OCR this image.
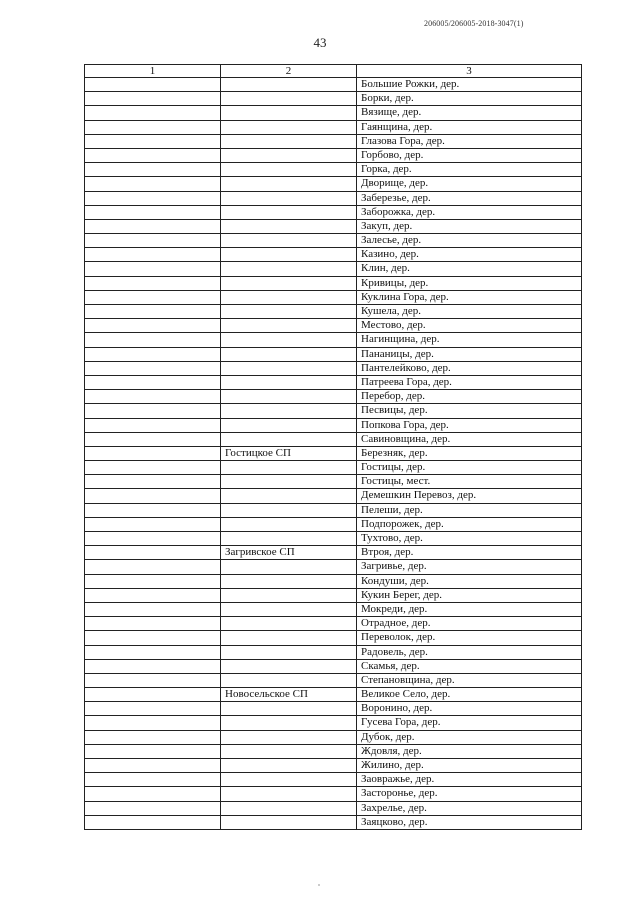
206005/206005-2018-3047(1)
43
1	2	3
		Большие Рожки, дер.
		Борки, дер.
		Вязище, дер.
		Гаянщина, дер.
		Глазова Гора, дер.
		Горбово, дер.
		Горка, дер.
		Дворище, дер.
		Заберезье, дер.
		Заборожка, дер.
		Закуп, дер.
		Залесье, дер.
		Казино, дер.
		Клин, дер.
		Кривицы, дер.
		Куклина Гора, дер.
		Кушела, дер.
		Местово, дер.
		Нагинщина, дер.
		Пананицы, дер.
		Пантелейково, дер.
		Патреева Гора, дер.
		Перебор, дер.
		Песвицы, дер.
		Попкова Гора, дер.
		Савиновщина, дер.
	Гостицкое СП	Березняк, дер.
		Гостицы, дер.
		Гостицы, мест.
		Демешкин Перевоз, дер.
		Пелеши, дер.
		Подпорожек, дер.
		Тухтово, дер.
	Загривское СП	Втроя, дер.
		Загривье, дер.
		Кондуши, дер.
		Кукин Берег, дер.
		Мокреди, дер.
		Отрадное, дер.
		Переволок, дер.
		Радовель, дер.
		Скамья, дер.
		Степановщина, дер.
	Новосельское СП	Великое Село, дер.
		Воронино, дер.
		Гусева Гора, дер.
		Дубок, дер.
		Ждовля, дер.
		Жилино, дер.
		Заовражье, дер.
		Застороньe, дер.
		Захрелье, дер.
		Заяцково, дер.
